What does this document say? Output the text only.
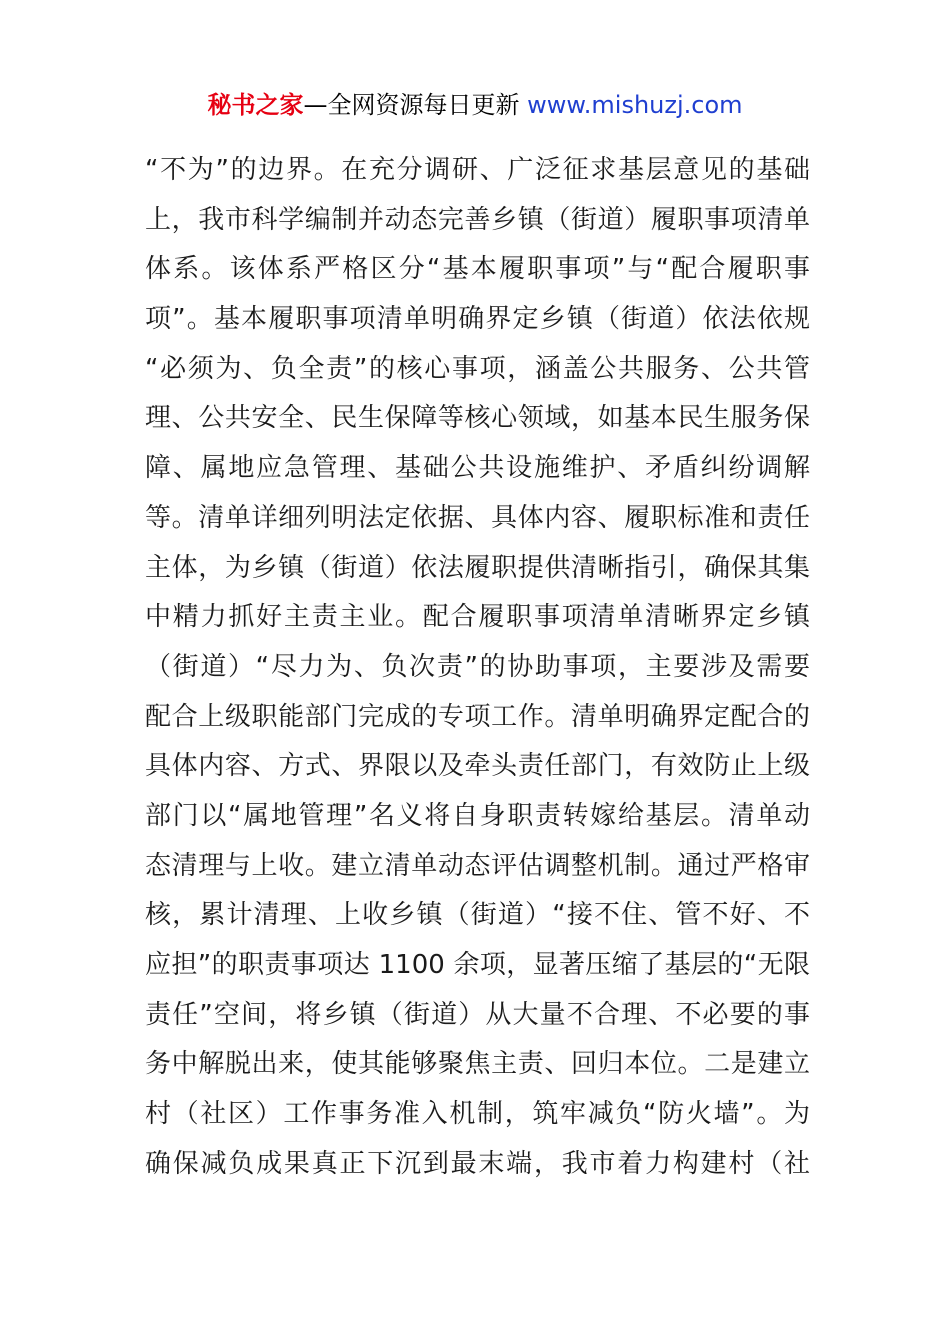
秘书之家—全网资源每日更新 www.mishuzj.com
“不为”的边界。在充分调研、广泛征求基层意见的基础
上，我市科学编制并动态完善乡镇（街道）履职事项清单
体系。该体系严格区分“基本履职事项”与“配合履职事
项”。基本履职事项清单明确界定乡镇（街道）依法依规
“必须为、负全责”的核心事项，涵盖公共服务、公共管
理、公共安全、民生保障等核心领域，如基本民生服务保
障、属地应急管理、基础公共设施维护、矛盾纠纷调解
等。清单详细列明法定依据、具体内容、履职标准和责任
主体，为乡镇（街道）依法履职提供清晰指引，确保其集
中精力抓好主责主业。配合履职事项清单清晰界定乡镇
（街道）“尽力为、负次责”的协助事项，主要涉及需要
配合上级职能部门完成的专项工作。清单明确界定配合的
具体内容、方式、界限以及牵头责任部门，有效防止上级
部门以“属地管理”名义将自身职责转嫁给基层。清单动
态清理与上收。建立清单动态评估调整机制。通过严格审
核，累计清理、上收乡镇（街道）“接不住、管不好、不
应担”的职责事项达 1100 余项，显著压缩了基层的“无限
责任”空间，将乡镇（街道）从大量不合理、不必要的事
务中解脱出来，使其能够聚焦主责、回归本位。二是建立
村（社区）工作事务准入机制，筑牢减负“防火墙”。为
确保减负成果真正下沉到最末端，我市着力构建村（社
